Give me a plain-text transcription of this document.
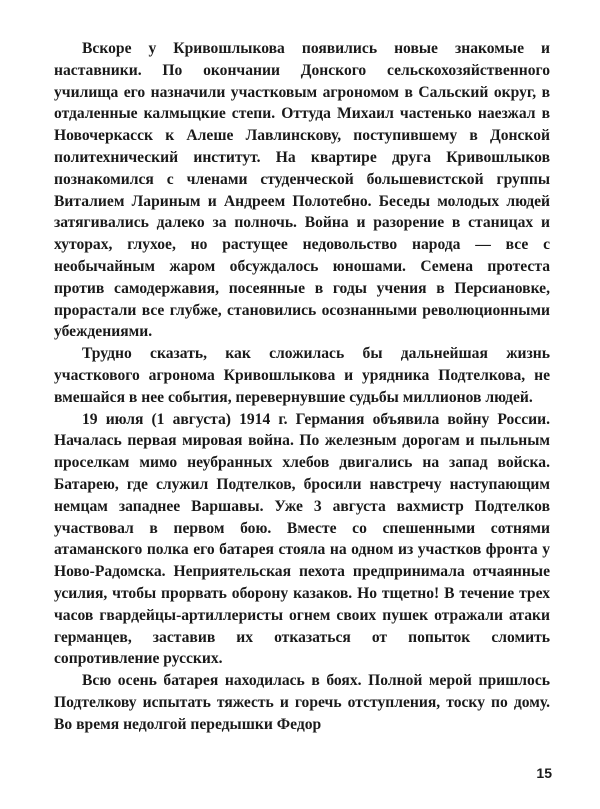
Вскоре у Кривошлыкова появились новые знакомые и наставники. По окончании Донского сельскохозяйственного училища его назначили участковым агрономом в Сальский округ, в отдаленные калмыцкие степи. Оттуда Михаил частенько наезжал в Новочеркасск к Алеше Лавлинскову, поступившему в Донской политехнический институт. На квартире друга Кривошлыков познакомился с членами студенческой большевистской группы Виталием Лариным и Андреем Полотебно. Беседы молодых людей затягивались далеко за полночь. Война и разорение в станицах и хуторах, глухое, но растущее недовольство народа — все с необычайным жаром обсуждалось юношами. Семена протеста против самодержавия, посеянные в годы учения в Персиановке, прорастали все глубже, становились осознанными революционными убеждениями.

Трудно сказать, как сложилась бы дальнейшая жизнь участкового агронома Кривошлыкова и урядника Подтелкова, не вмешайся в нее события, перевернувшие судьбы миллионов людей.

19 июля (1 августа) 1914 г. Германия объявила войну России. Началась первая мировая война. По железным дорогам и пыльным проселкам мимо неубранных хлебов двигались на запад войска. Батарею, где служил Подтелков, бросили навстречу наступающим немцам западнее Варшавы. Уже 3 августа вахмистр Подтелков участвовал в первом бою. Вместе со спешенными сотнями атаманского полка его батарея стояла на одном из участков фронта у Ново-Радомска. Неприятельская пехота предпринимала отчаянные усилия, чтобы прорвать оборону казаков. Но тщетно! В течение трех часов гвардейцы-артиллеристы огнем своих пушек отражали атаки германцев, заставив их отказаться от попыток сломить сопротивление русских.

Всю осень батарея находилась в боях. Полной мерой пришлось Подтелкову испытать тяжесть и горечь отступления, тоску по дому. Во время недолгой передышки Федор

15
